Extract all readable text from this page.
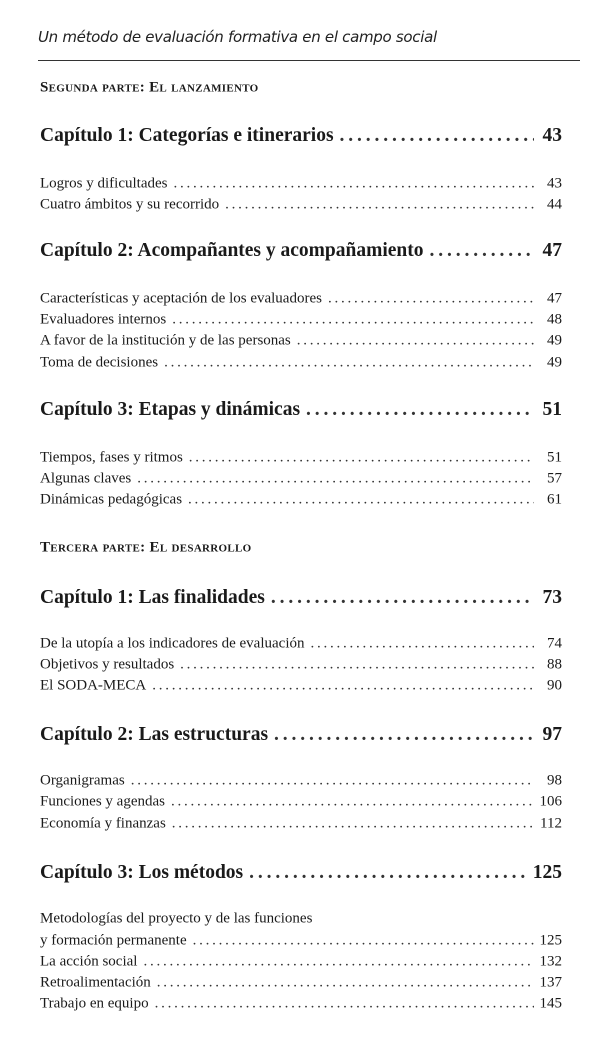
Un método de evaluación formativa en el campo social
Segunda parte: El lanzamiento
Capítulo 1: Categorías e itinerarios . . .	43
Logros y dificultades . . .	43
Cuatro ámbitos y su recorrido . . .	44
Capítulo 2: Acompañantes y acompañamiento . . .	47
Características y aceptación de los evaluadores . . .	47
Evaluadores internos . . .	48
A favor de la institución y de las personas . . .	49
Toma de decisiones . . .	49
Capítulo 3: Etapas y dinámicas . . .	51
Tiempos, fases y ritmos . . .	51
Algunas claves . . .	57
Dinámicas pedagógicas . . .	61
Tercera parte: El desarrollo
Capítulo 1: Las finalidades . . .	73
De la utopía a los indicadores de evaluación . . .	74
Objetivos y resultados . . .	88
El SODA-MECA . . .	90
Capítulo 2: Las estructuras . . .	97
Organigramas . . .	98
Funciones y agendas . . .	106
Economía y finanzas . . .	112
Capítulo 3: Los métodos . . .	125
Metodologías del proyecto y de las funciones
y formación permanente . . .	125
La acción social . . .	132
Retroalimentación . . .	137
Trabajo en equipo . . .	145
